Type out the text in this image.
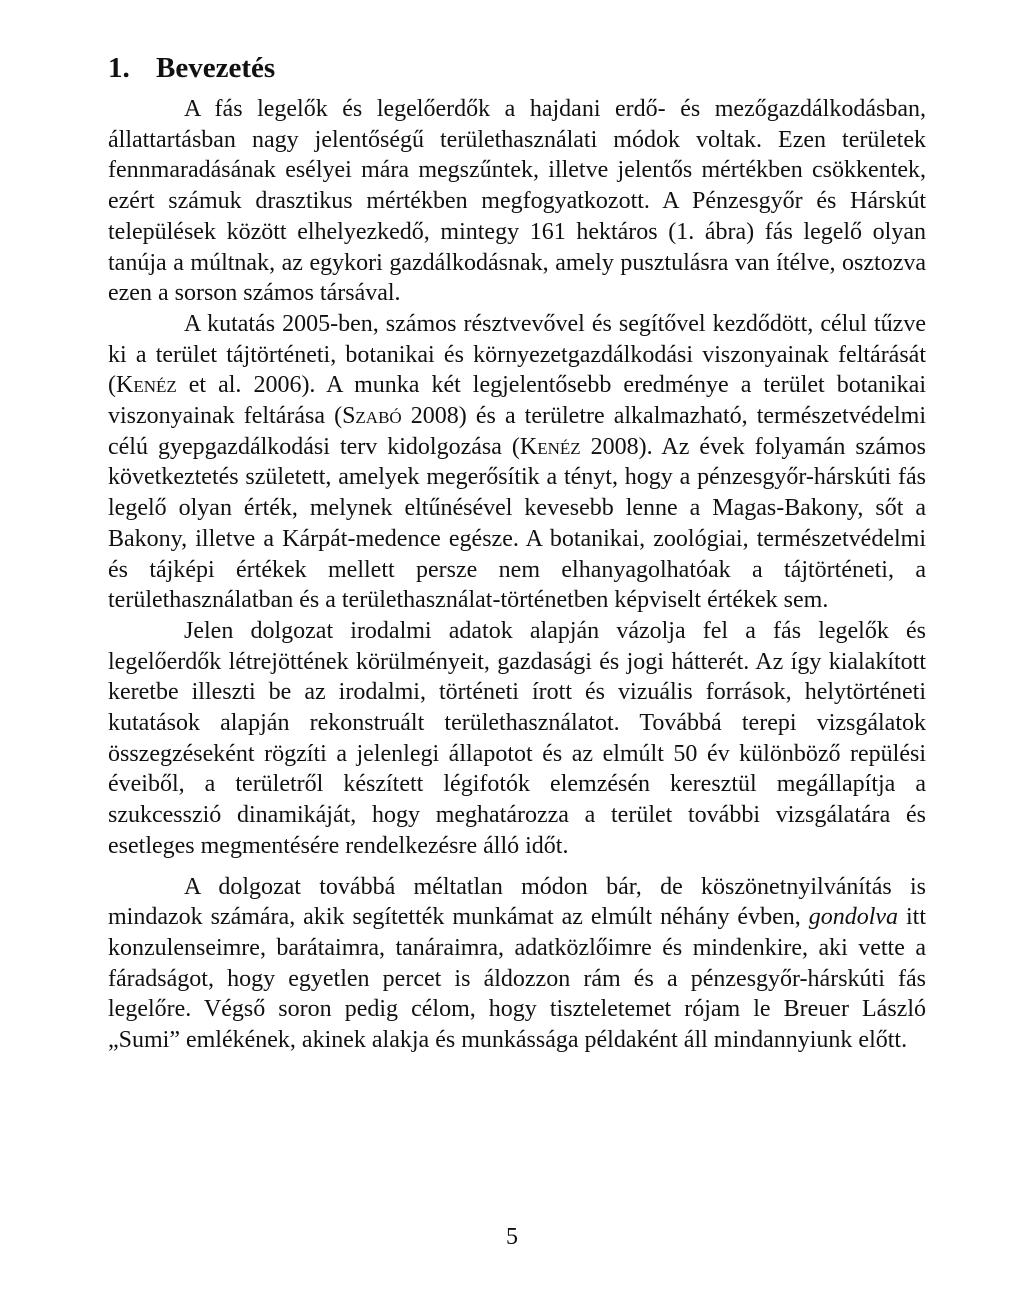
1. Bevezetés

A fás legelők és legelőerdők a hajdani erdő- és mezőgazdálkodásban, állattartásban nagy jelentőségű területhasználati módok voltak. Ezen területek fennmaradásának esélyei mára megszűntek, illetve jelentős mértékben csökkentek, ezért számuk drasztikus mértékben megfogyatkozott. A Pénzesgyőr és Hárskút települések között elhelyezkedő, mintegy 161 hektáros (1. ábra) fás legelő olyan tanúja a múltnak, az egykori gazdálkodásnak, amely pusztulásra van ítélve, osztozva ezen a sorson számos társával.

A kutatás 2005-ben, számos résztvevővel és segítővel kezdődött, célul tűzve ki a terület tájtörténeti, botanikai és környezetgazdálkodási viszonyainak feltárását (Kenéz et al. 2006). A munka két legjelentősebb eredménye a terület botanikai viszonyainak feltárása (Szabó 2008) és a területre alkalmazható, természetvédelmi célú gyepgazdálkodási terv kidolgozása (Kenéz 2008). Az évek folyamán számos következtetés született, amelyek megerősítik a tényt, hogy a pénzesgyőr-hárskúti fás legelő olyan érték, melynek eltűnésével kevesebb lenne a Magas-Bakony, sőt a Bakony, illetve a Kárpát-medence egésze. A botanikai, zoológiai, természetvédelmi és tájképi értékek mellett persze nem elhanyagolhatóak a tájtörténeti, a területhasználatban és a területhasználat-történetben képviselt értékek sem.

Jelen dolgozat irodalmi adatok alapján vázolja fel a fás legelők és legelőerdők létrejöttének körülményeit, gazdasági és jogi hátterét. Az így kialakított keretbe illeszti be az irodalmi, történeti írott és vizuális források, helytörténeti kutatások alapján rekonstruált területhasználatot. Továbbá terepi vizsgálatok összegzéseként rögzíti a jelenlegi állapotot és az elmúlt 50 év különböző repülési éveiből, a területről készített légifotók elemzésén keresztül megállapítja a szukcesszió dinamikáját, hogy meghatározza a terület további vizsgálatára és esetleges megmentésére rendelkezésre álló időt.

A dolgozat továbbá méltatlan módon bár, de köszönetnyilvánítás is mindazok számára, akik segítették munkámat az elmúlt néhány évben, gondolva itt konzulenseimre, barátaimra, tanáraimra, adatközlőimre és mindenkire, aki vette a fáradságot, hogy egyetlen percet is áldozzon rám és a pénzesgyőr-hárskúti fás legelőre. Végső soron pedig célom, hogy tiszteletemet rójam le Breuer László „Sumi” emlékének, akinek alakja és munkássága példaként áll mindannyiunk előtt.

5
